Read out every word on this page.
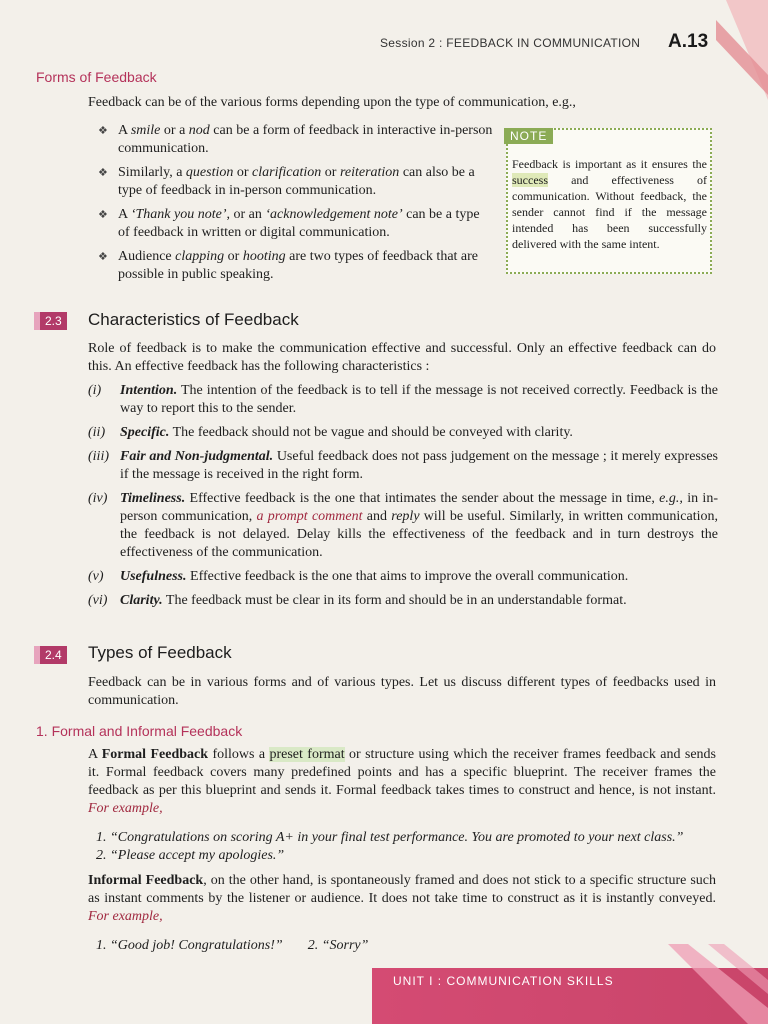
Session 2 : FEEDBACK IN COMMUNICATION A.13
Forms of Feedback

Feedback can be of the various forms depending upon the type of communication, e.g.,

❖ A smile or a nod can be a form of feedback in interactive in-person communication.
❖ Similarly, a question or clarification or reiteration can also be a type of feedback in in-person communication.
❖ A ‘Thank you note’, or an ‘acknowledgement note’ can be a type of feedback in written or digital communication.
❖ Audience clapping or hooting are two types of feedback that are possible in public speaking.
NOTE
Feedback is important as it ensures the success and effectiveness of communication. Without feedback, the sender cannot find if the message intended has been successfully delivered with the same intent.
2.3 Characteristics of Feedback

Role of feedback is to make the communication effective and successful. Only an effective feedback can do this. An effective feedback has the following characteristics :

(i) Intention. The intention of the feedback is to tell if the message is not received correctly. Feedback is the way to report this to the sender.
(ii) Specific. The feedback should not be vague and should be conveyed with clarity.
(iii) Fair and Non-judgmental. Useful feedback does not pass judgement on the message ; it merely expresses if the message is received in the right form.
(iv) Timeliness. Effective feedback is the one that intimates the sender about the message in time, e.g., in in-person communication, a prompt comment and reply will be useful. Similarly, in written communication, the feedback is not delayed. Delay kills the effectiveness of the feedback and in turn destroys the effectiveness of the communication.
(v) Usefulness. Effective feedback is the one that aims to improve the overall communication.
(vi) Clarity. The feedback must be clear in its form and should be in an understandable format.
2.4 Types of Feedback

Feedback can be in various forms and of various types. Let us discuss different types of feedbacks used in communication.

1. Formal and Informal Feedback

A Formal Feedback follows a preset format or structure using which the receiver frames feedback and sends it. Formal feedback covers many predefined points and has a specific blueprint. The receiver frames the feedback as per this blueprint and sends it. Formal feedback takes times to construct and hence, is not instant. For example,

1. “Congratulations on scoring A+ in your final test performance. You are promoted to your next class.”
2. “Please accept my apologies.”

Informal Feedback, on the other hand, is spontaneously framed and does not stick to a specific structure such as instant comments by the listener or audience. It does not take time to construct as it is instantly conveyed. For example,

1. “Good job! Congratulations!” 2. “Sorry”
UNIT I : COMMUNICATION SKILLS
